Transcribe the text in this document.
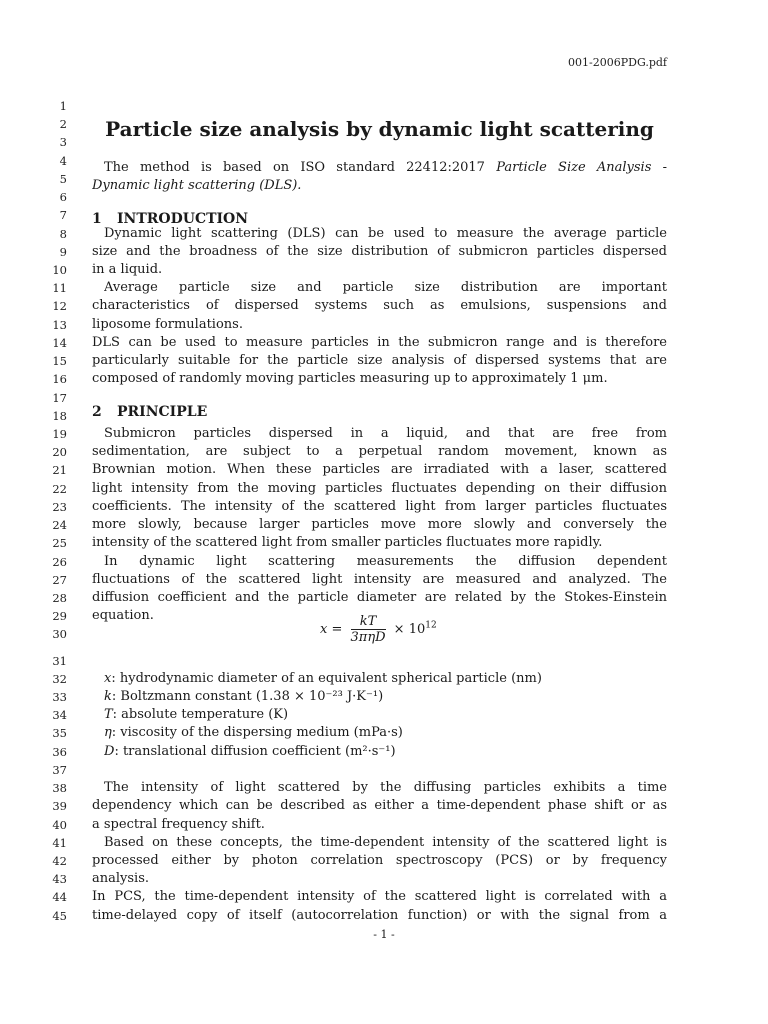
001-2006PDG.pdf
Particle size analysis by dynamic light scattering
The method is based on ISO standard 22412:2017 Particle Size Analysis -
Dynamic light scattering (DLS).
1 INTRODUCTION
2 PRINCIPLE
$x = \frac{kT}{\text{3πηD}} \times 10^{12}$
- 1 -
1
2
3
4
5
6
7
8
9
10
11
12
13
14
15
16
17
18
19
20
21
22
23
24
25
26
27
28
29
30
31
32
33
34
35
36
37
38
39
40
41
42
43
44
45
Dynamic light scattering (DLS) can be used to measure the average particle
size and the broadness of the size distribution of submicron particles dispersed
in a liquid.
Average particle size and particle size distribution are important
characteristics of dispersed systems such as emulsions, suspensions and
liposome formulations.
DLS can be used to measure particles in the submicron range and is therefore
particularly suitable for the particle size analysis of dispersed systems that are
composed of randomly moving particles measuring up to approximately 1 μm.
Submicron particles dispersed in a liquid, and that are free from
sedimentation, are subject to a perpetual random movement, known as
Brownian motion. When these particles are irradiated with a laser, scattered
light intensity from the moving particles fluctuates depending on their diffusion
coefficients. The intensity of the scattered light from larger particles fluctuates
more slowly, because larger particles move more slowly and conversely the
intensity of the scattered light from smaller particles fluctuates more rapidly.
In dynamic light scattering measurements the diffusion dependent
fluctuations of the scattered light intensity are measured and analyzed. The
diffusion coefficient and the particle diameter are related by the Stokes-Einstein
equation.
x: hydrodynamic diameter of an equivalent spherical particle (nm)
k: Boltzmann constant (1.38 × 10⁻²³ J·K⁻¹)
T: absolute temperature (K)
η: viscosity of the dispersing medium (mPa·s)
D: translational diffusion coefficient (m²·s⁻¹)
The intensity of light scattered by the diffusing particles exhibits a time
dependency which can be described as either a time-dependent phase shift or as
a spectral frequency shift.
Based on these concepts, the time-dependent intensity of the scattered light is
processed either by photon correlation spectroscopy (PCS) or by frequency
analysis.
In PCS, the time-dependent intensity of the scattered light is correlated with a
time-delayed copy of itself (autocorrelation function) or with the signal from a
